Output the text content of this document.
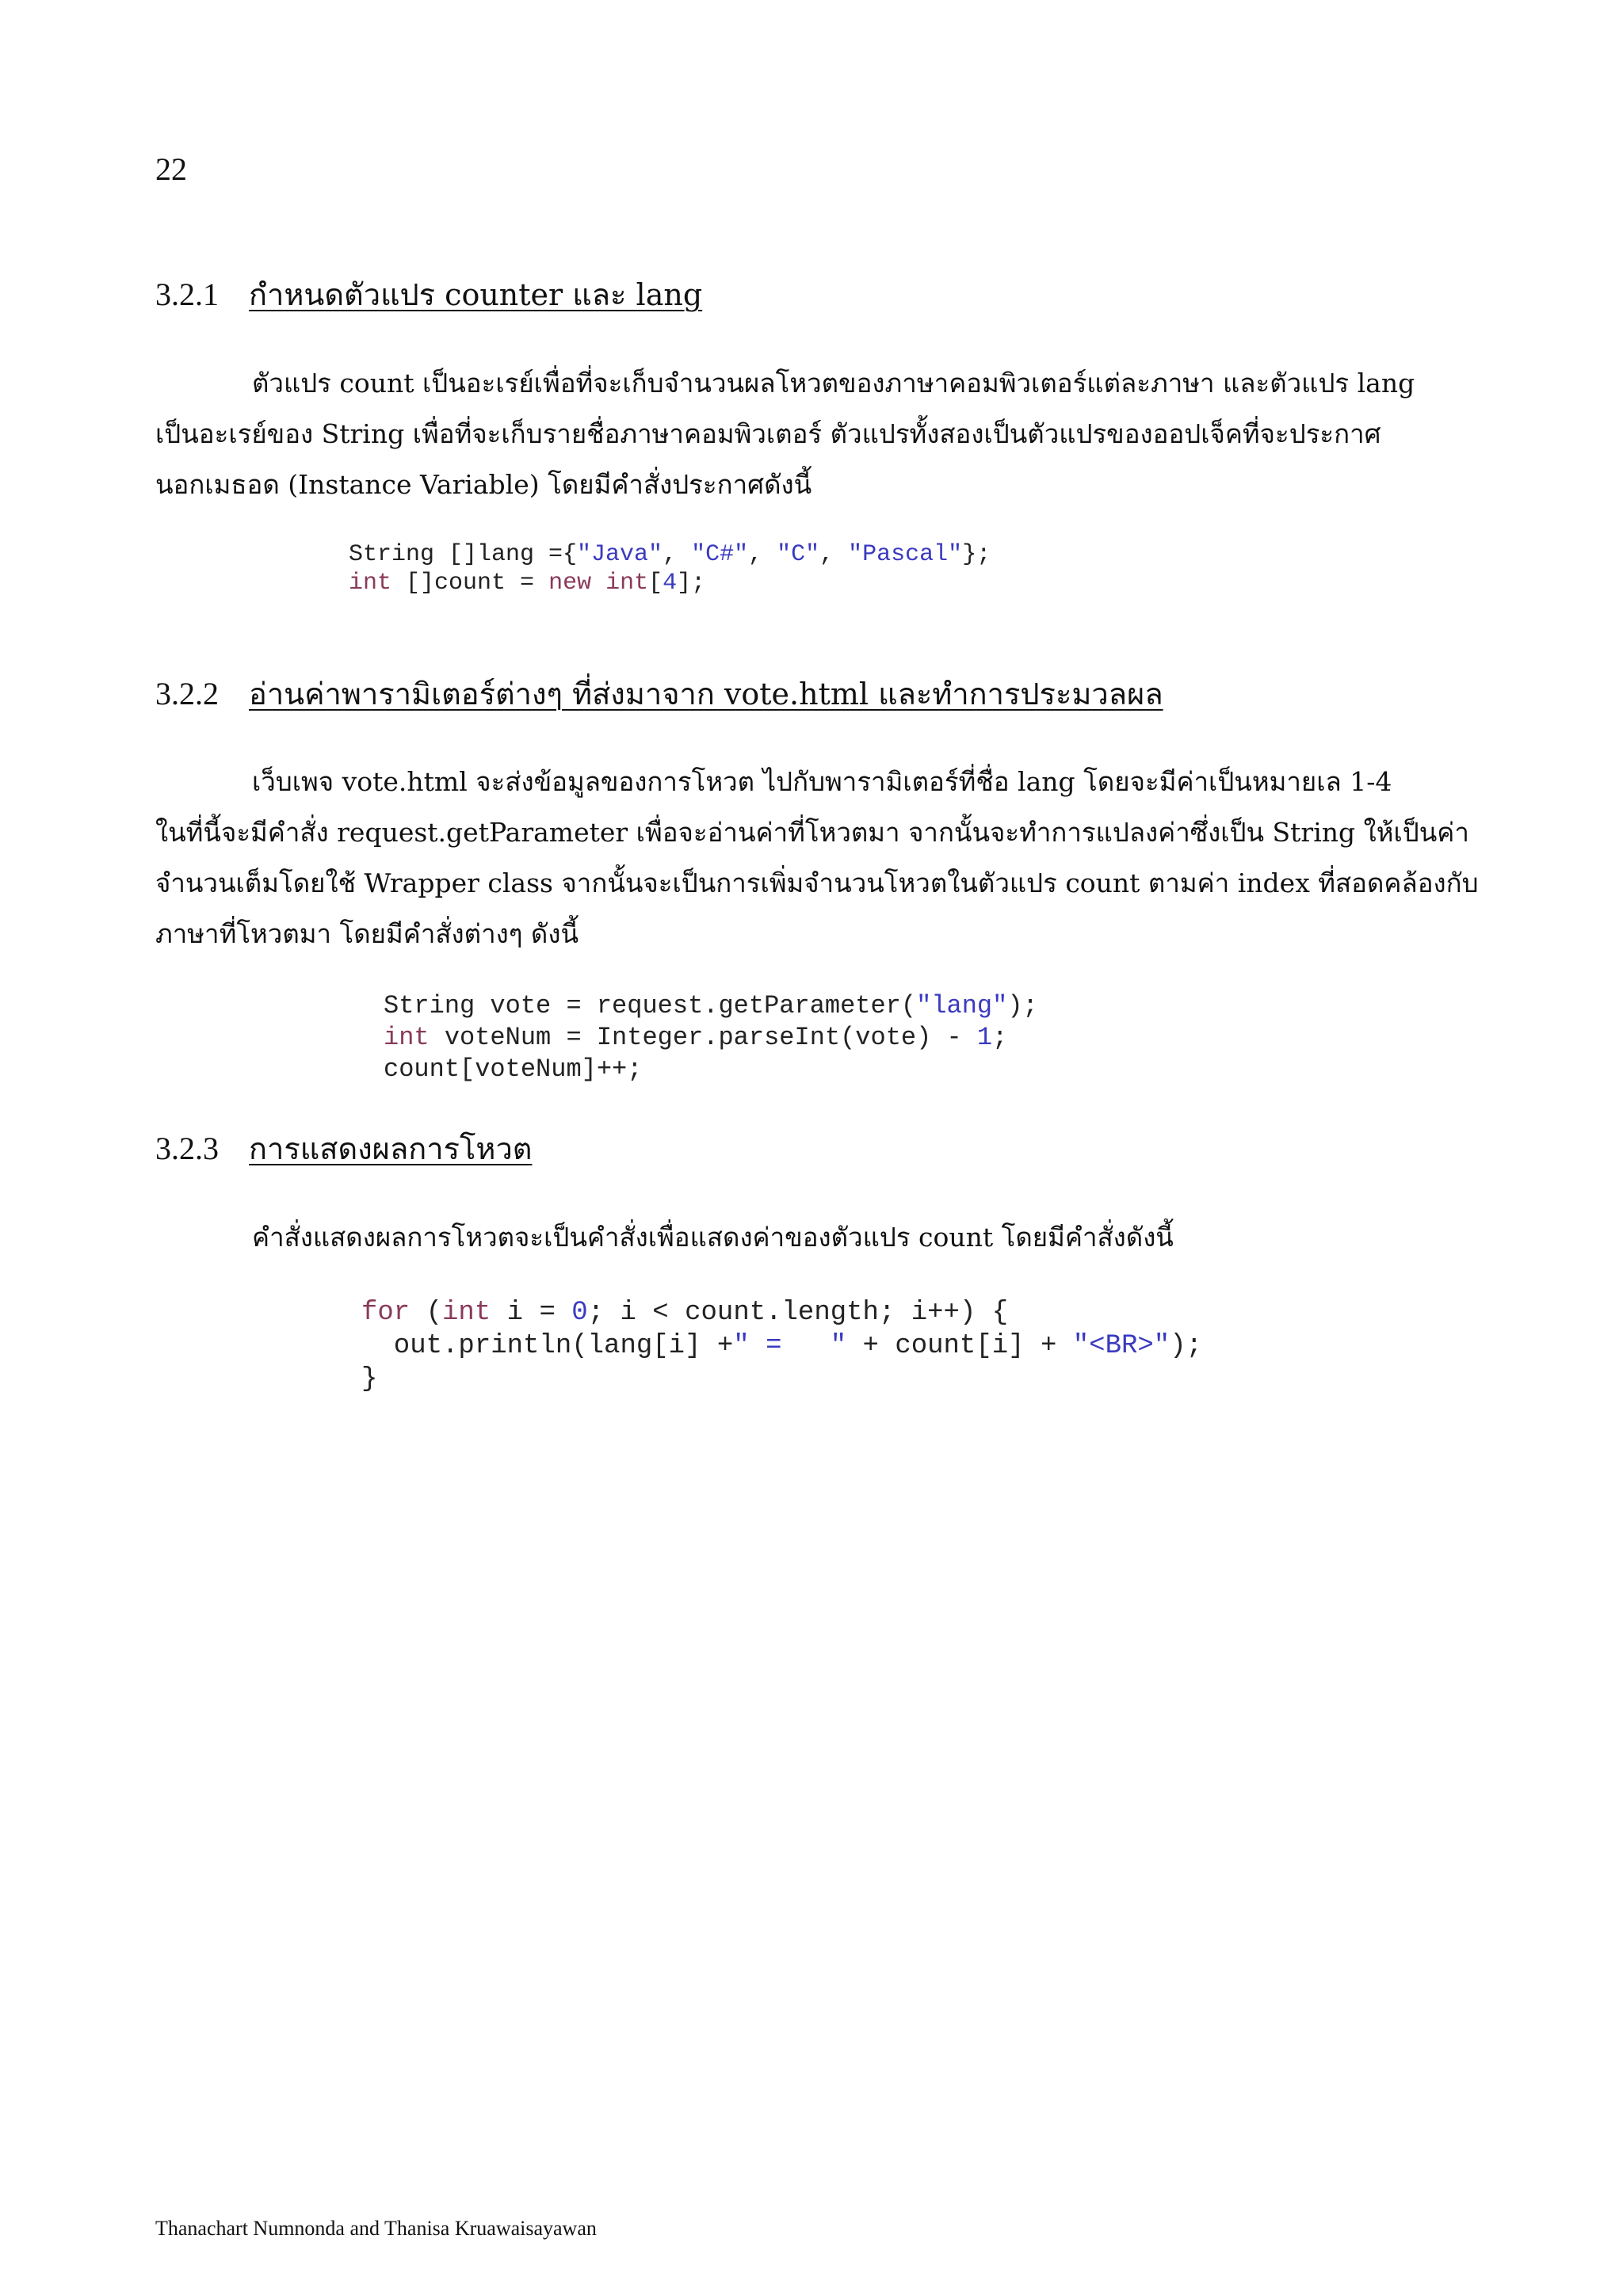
22
3.2.1 กำหนดตัวแปร counter และ lang
ตัวแปร count เป็นอะเรย์เพื่อที่จะเก็บจำนวนผลโหวตของภาษาคอมพิวเตอร์แต่ละภาษา และตัวแปร lang
เป็นอะเรย์ของ String เพื่อที่จะเก็บรายชื่อภาษาคอมพิวเตอร์ ตัวแปรทั้งสองเป็นตัวแปรของออปเจ็คที่จะประกาศ
นอกเมธอด (Instance Variable) โดยมีคำสั่งประกาศดังนี้
String []lang ={"Java", "C#", "C", "Pascal"};
int []count = new int[4];
3.2.2 อ่านค่าพารามิเตอร์ต่างๆ ที่ส่งมาจาก vote.html และทำการประมวลผล
เว็บเพจ vote.html จะส่งข้อมูลของการโหวต ไปกับพารามิเตอร์ที่ชื่อ lang โดยจะมีค่าเป็นหมายเล 1-4
ในที่นี้จะมีคำสั่ง request.getParameter เพื่อจะอ่านค่าที่โหวตมา จากนั้นจะทำการแปลงค่าซึ่งเป็น String ให้เป็นค่า
จำนวนเต็มโดยใช้ Wrapper class จากนั้นจะเป็นการเพิ่มจำนวนโหวตในตัวแปร count ตามค่า index ที่สอดคล้องกับ
ภาษาที่โหวตมา โดยมีคำสั่งต่างๆ ดังนี้
String vote = request.getParameter("lang");
int voteNum = Integer.parseInt(vote) - 1;
count[voteNum]++;
3.2.3 การแสดงผลการโหวต
คำสั่งแสดงผลการโหวตจะเป็นคำสั่งเพื่อแสดงค่าของตัวแปร count โดยมีคำสั่งดังนี้
for (int i = 0; i < count.length; i++) {
out.println(lang[i] +" =   " + count[i] + "<BR>");
}
Thanachart Numnonda and Thanisa Kruawaisayawan
